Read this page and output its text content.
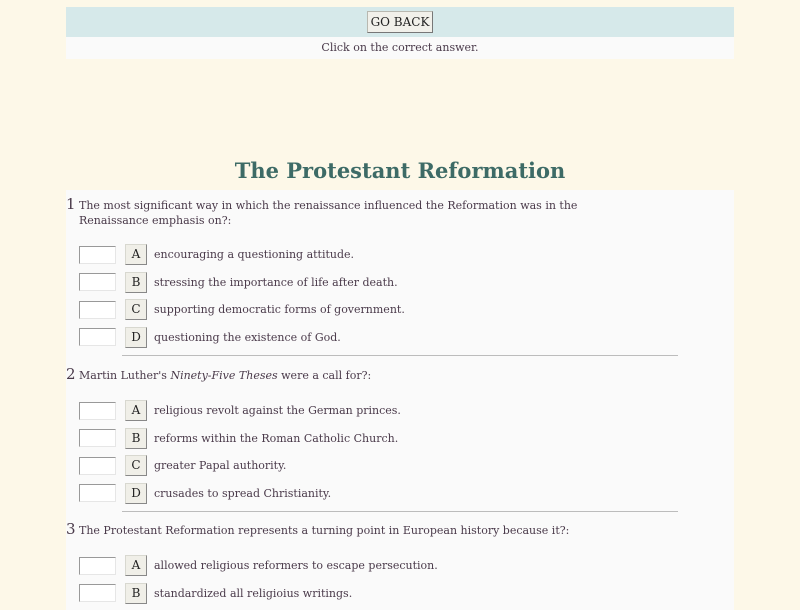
GO BACK
Click on the correct answer.
The Protestant Reformation
1 The most significant way in which the renaissance influenced the Reformation was in the Renaissance emphasis on?:
A	encouraging a questioning attitude.
B	stressing the importance of life after death.
C	supporting democratic forms of government.
D	questioning the existence of God.
2 Martin Luther's Ninety-Five Theses were a call for?:
A	religious revolt against the German princes.
B	reforms within the Roman Catholic Church.
C	greater Papal authority.
D	crusades to spread Christianity.
3 The Protestant Reformation represents a turning point in European history because it?:
A	allowed religious reformers to escape persecution.
B	standardized all religioius writings.
